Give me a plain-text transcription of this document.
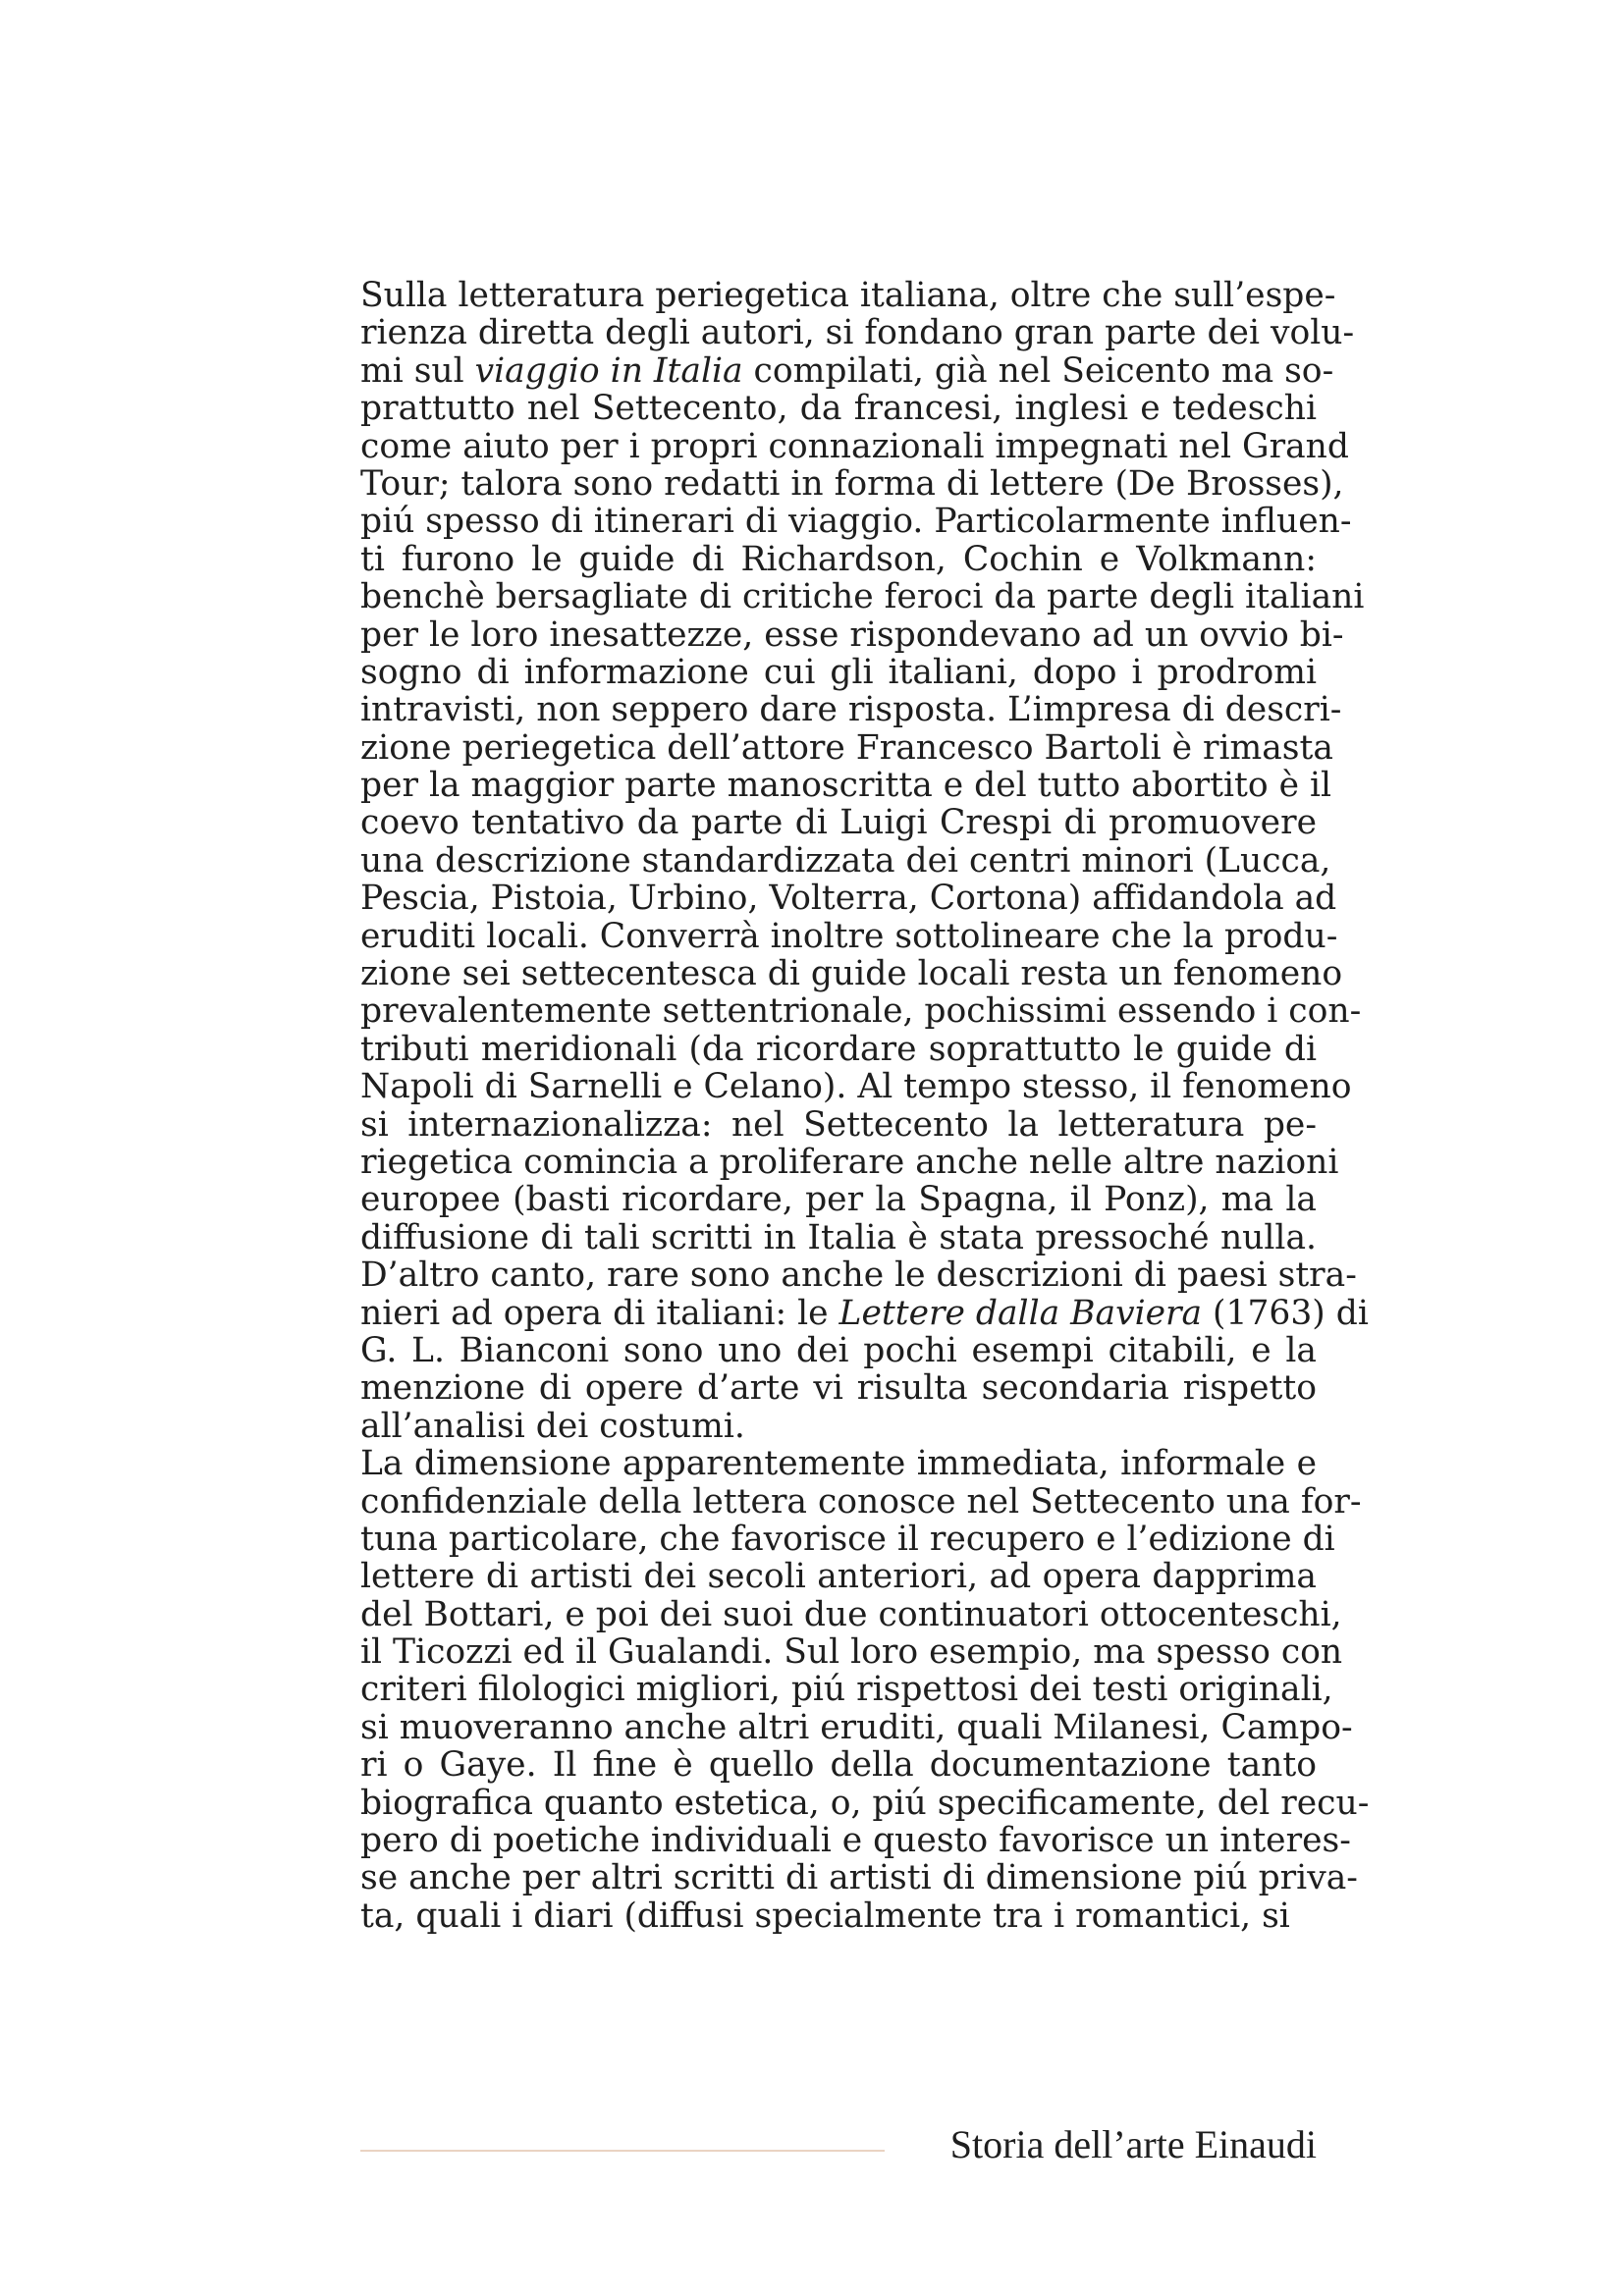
Sulla letteratura periegetica italiana, oltre che sull’espe-
rienza diretta degli autori, si fondano gran parte dei volu-
mi sul viaggio in Italia compilati, già nel Seicento ma so-
prattutto nel Settecento, da francesi, inglesi e tedeschi
come aiuto per i propri connazionali impegnati nel Grand
Tour; talora sono redatti in forma di lettere (De Brosses),
piú spesso di itinerari di viaggio. Particolarmente influen-
ti furono le guide di Richardson, Cochin e Volkmann:
benchè bersagliate di critiche feroci da parte degli italiani
per le loro inesattezze, esse rispondevano ad un ovvio bi-
sogno di informazione cui gli italiani, dopo i prodromi
intravisti, non seppero dare risposta. L’impresa di descri-
zione periegetica dell’attore Francesco Bartoli è rimasta
per la maggior parte manoscritta e del tutto abortito è il
coevo tentativo da parte di Luigi Crespi di promuovere
una descrizione standardizzata dei centri minori (Lucca,
Pescia, Pistoia, Urbino, Volterra, Cortona) affidandola ad
eruditi locali. Converrà inoltre sottolineare che la produ-
zione sei settecentesca di guide locali resta un fenomeno
prevalentemente settentrionale, pochissimi essendo i con-
tributi meridionali (da ricordare soprattutto le guide di
Napoli di Sarnelli e Celano). Al tempo stesso, il fenomeno
si internazionalizza: nel Settecento la letteratura pe-
riegetica comincia a proliferare anche nelle altre nazioni
europee (basti ricordare, per la Spagna, il Ponz), ma la
diffusione di tali scritti in Italia è stata pressoché nulla.
D’altro canto, rare sono anche le descrizioni di paesi stra-
nieri ad opera di italiani: le Lettere dalla Baviera (1763) di
G. L. Bianconi sono uno dei pochi esempi citabili, e la
menzione di opere d’arte vi risulta secondaria rispetto
all’analisi dei costumi.
La dimensione apparentemente immediata, informale e
confidenziale della lettera conosce nel Settecento una for-
tuna particolare, che favorisce il recupero e l’edizione di
lettere di artisti dei secoli anteriori, ad opera dapprima
del Bottari, e poi dei suoi due continuatori ottocenteschi,
il Ticozzi ed il Gualandi. Sul loro esempio, ma spesso con
criteri filologici migliori, piú rispettosi dei testi originali,
si muoveranno anche altri eruditi, quali Milanesi, Campo-
ri o Gaye. Il fine è quello della documentazione tanto
biografica quanto estetica, o, piú specificamente, del recu-
pero di poetiche individuali e questo favorisce un interes-
se anche per altri scritti di artisti di dimensione piú priva-
ta, quali i diari (diffusi specialmente tra i romantici, si
Storia dell’arte Einaudi
